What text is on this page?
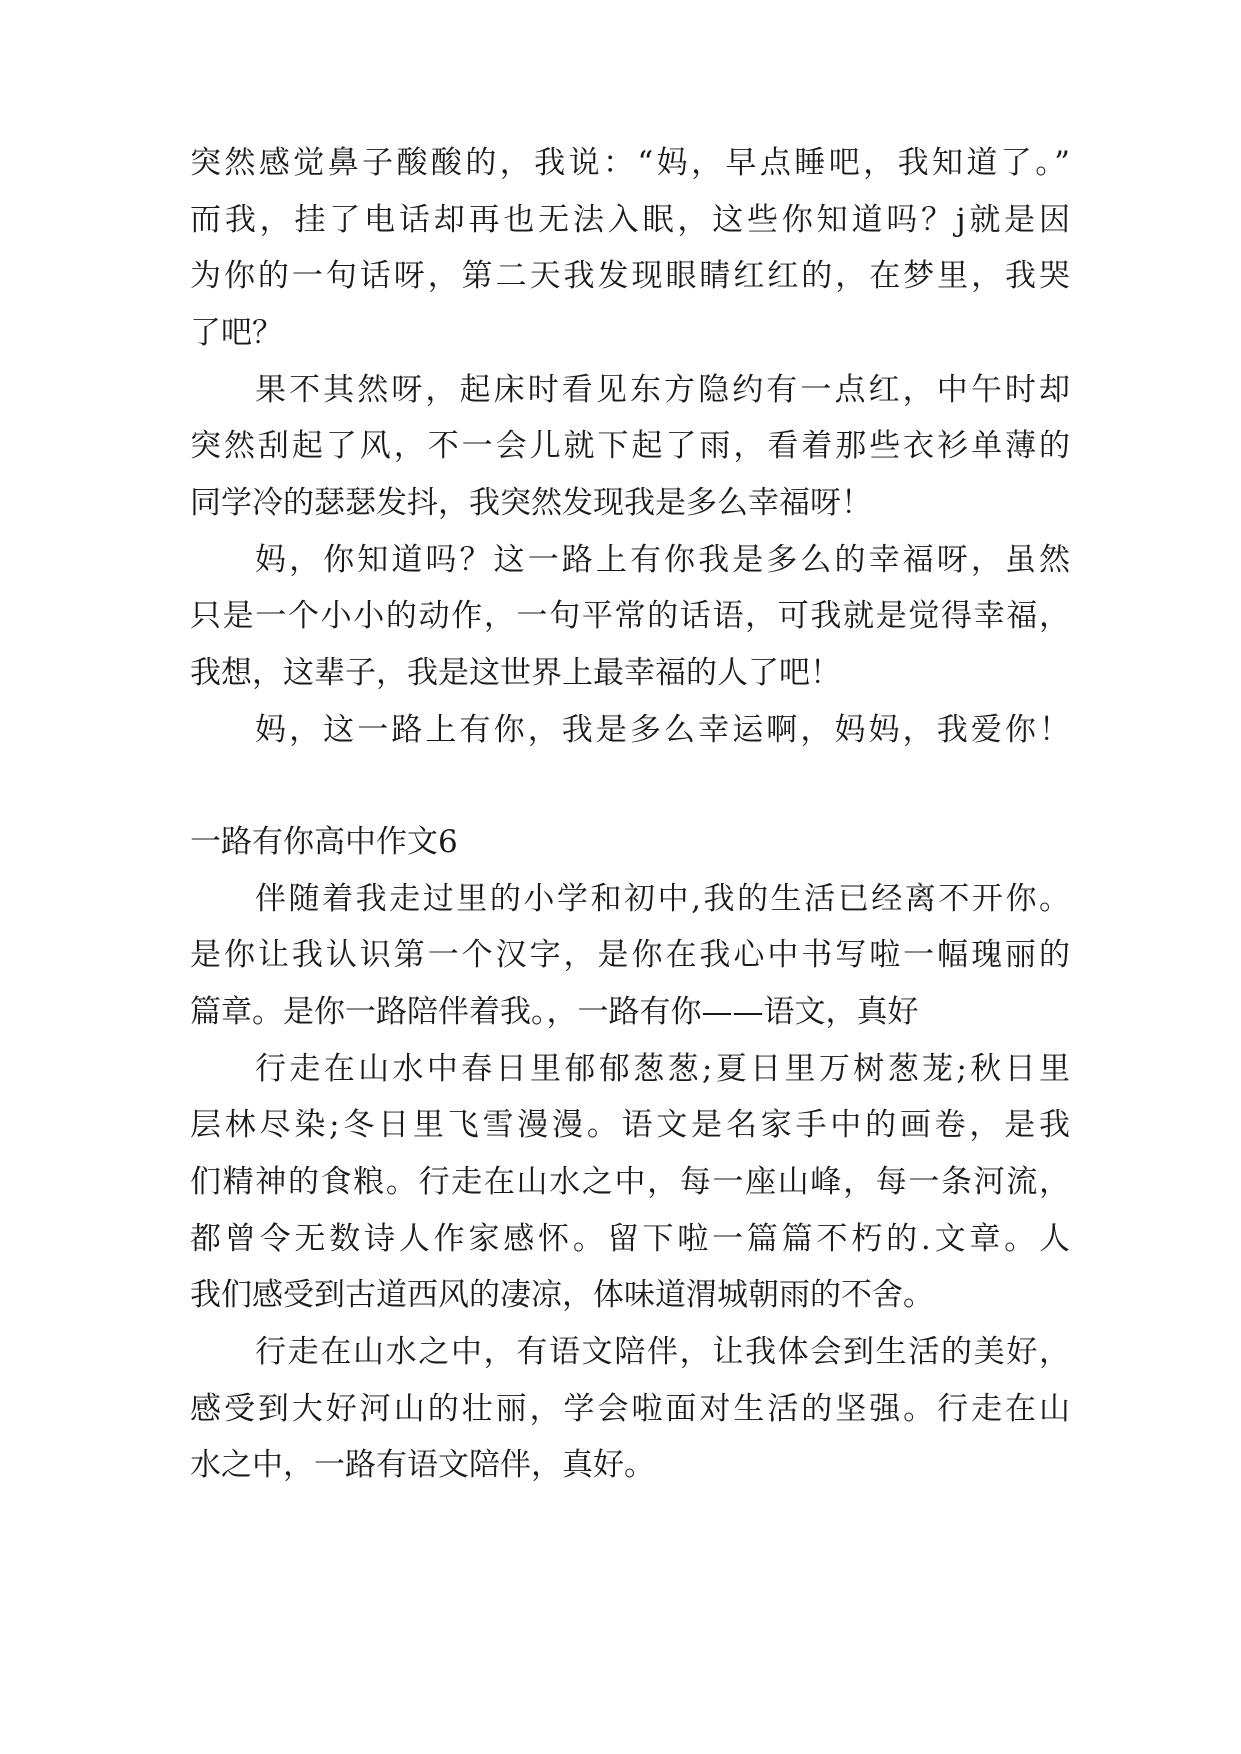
突然感觉鼻子酸酸的，我说：“妈，早点睡吧，我知道了。”
而我，挂了电话却再也无法入眠，这些你知道吗？j就是因
为你的一句话呀，第二天我发现眼睛红红的，在梦里，我哭
了吧？
果不其然呀，起床时看见东方隐约有一点红，中午时却
突然刮起了风，不一会儿就下起了雨，看着那些衣衫单薄的
同学冷的瑟瑟发抖，我突然发现我是多么幸福呀！
妈，你知道吗？这一路上有你我是多么的幸福呀，虽然
只是一个小小的动作，一句平常的话语，可我就是觉得幸福，
我想，这辈子，我是这世界上最幸福的人了吧！
妈，这一路上有你，我是多么幸运啊，妈妈，我爱你！
一路有你高中作文6
伴随着我走过里的小学和初中,我的生活已经离不开你。
是你让我认识第一个汉字，是你在我心中书写啦一幅瑰丽的
篇章。是你一路陪伴着我。，一路有你——语文，真好
行走在山水中春日里郁郁葱葱;夏日里万树葱茏;秋日里
层林尽染;冬日里飞雪漫漫。语文是名家手中的画卷，是我
们精神的食粮。行走在山水之中，每一座山峰，每一条河流，
都曾令无数诗人作家感怀。留下啦一篇篇不朽的.文章。人
我们感受到古道西风的凄凉，体味道渭城朝雨的不舍。
行走在山水之中，有语文陪伴，让我体会到生活的美好，
感受到大好河山的壮丽，学会啦面对生活的坚强。行走在山
水之中，一路有语文陪伴，真好。
